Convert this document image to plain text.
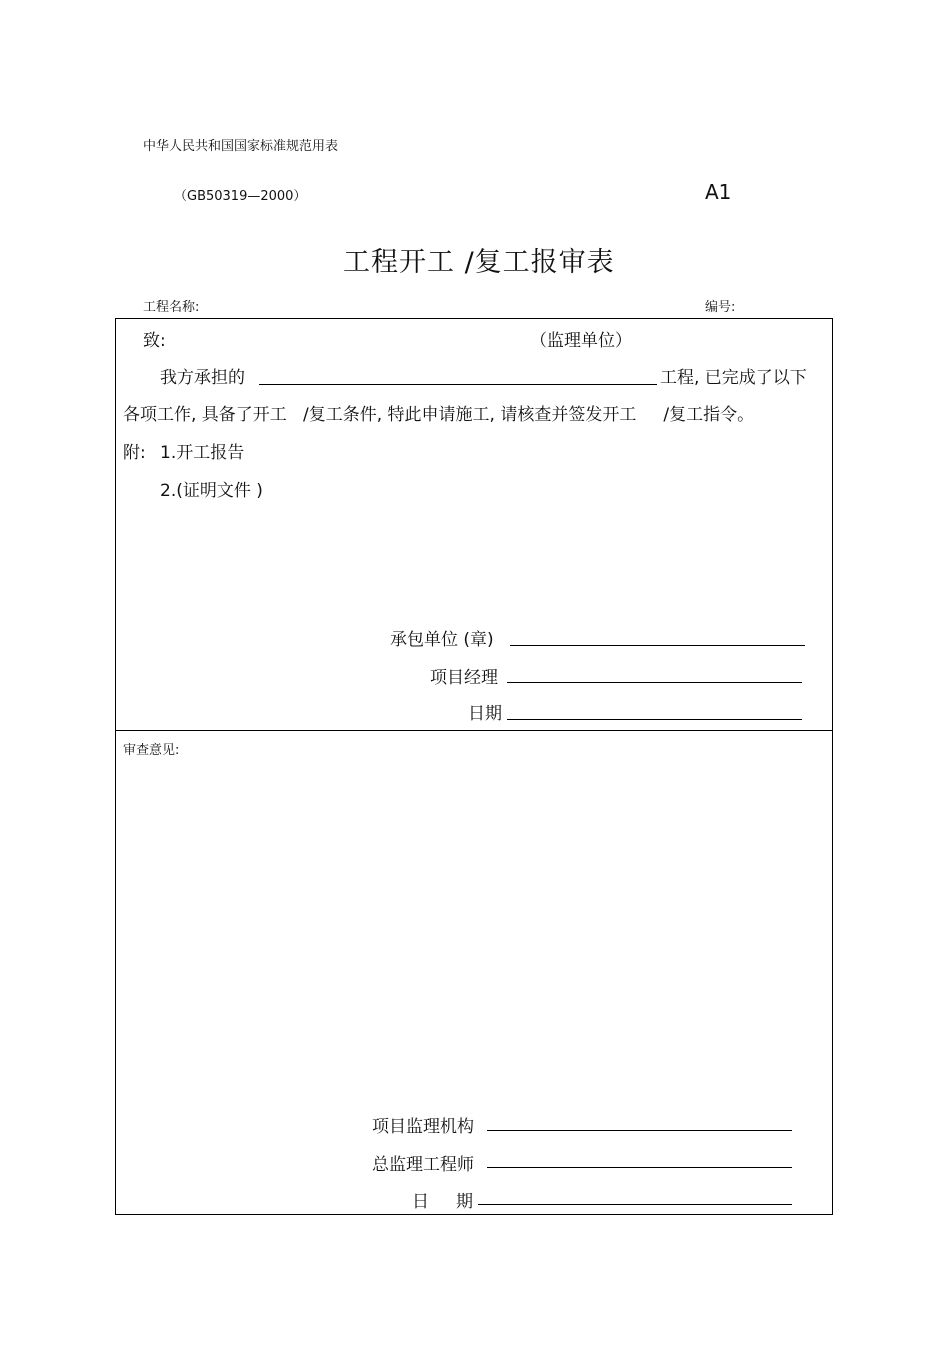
中华人民共和国国家标准规范用表
（GB50319—2000）	A1
工程开工 /复工报审表
工程名称:	编号:
致:	（监理单位）
我方承担的	工程, 已完成了以下
各项工作, 具备了开工   /复工条件, 特此申请施工, 请核查并签发开工     /复工指令。
附: 1.开工报告
2.(证明文件 )
承包单位 (章)
项目经理
日期
审查意见:
项目监理机构
总监理工程师
日     期
